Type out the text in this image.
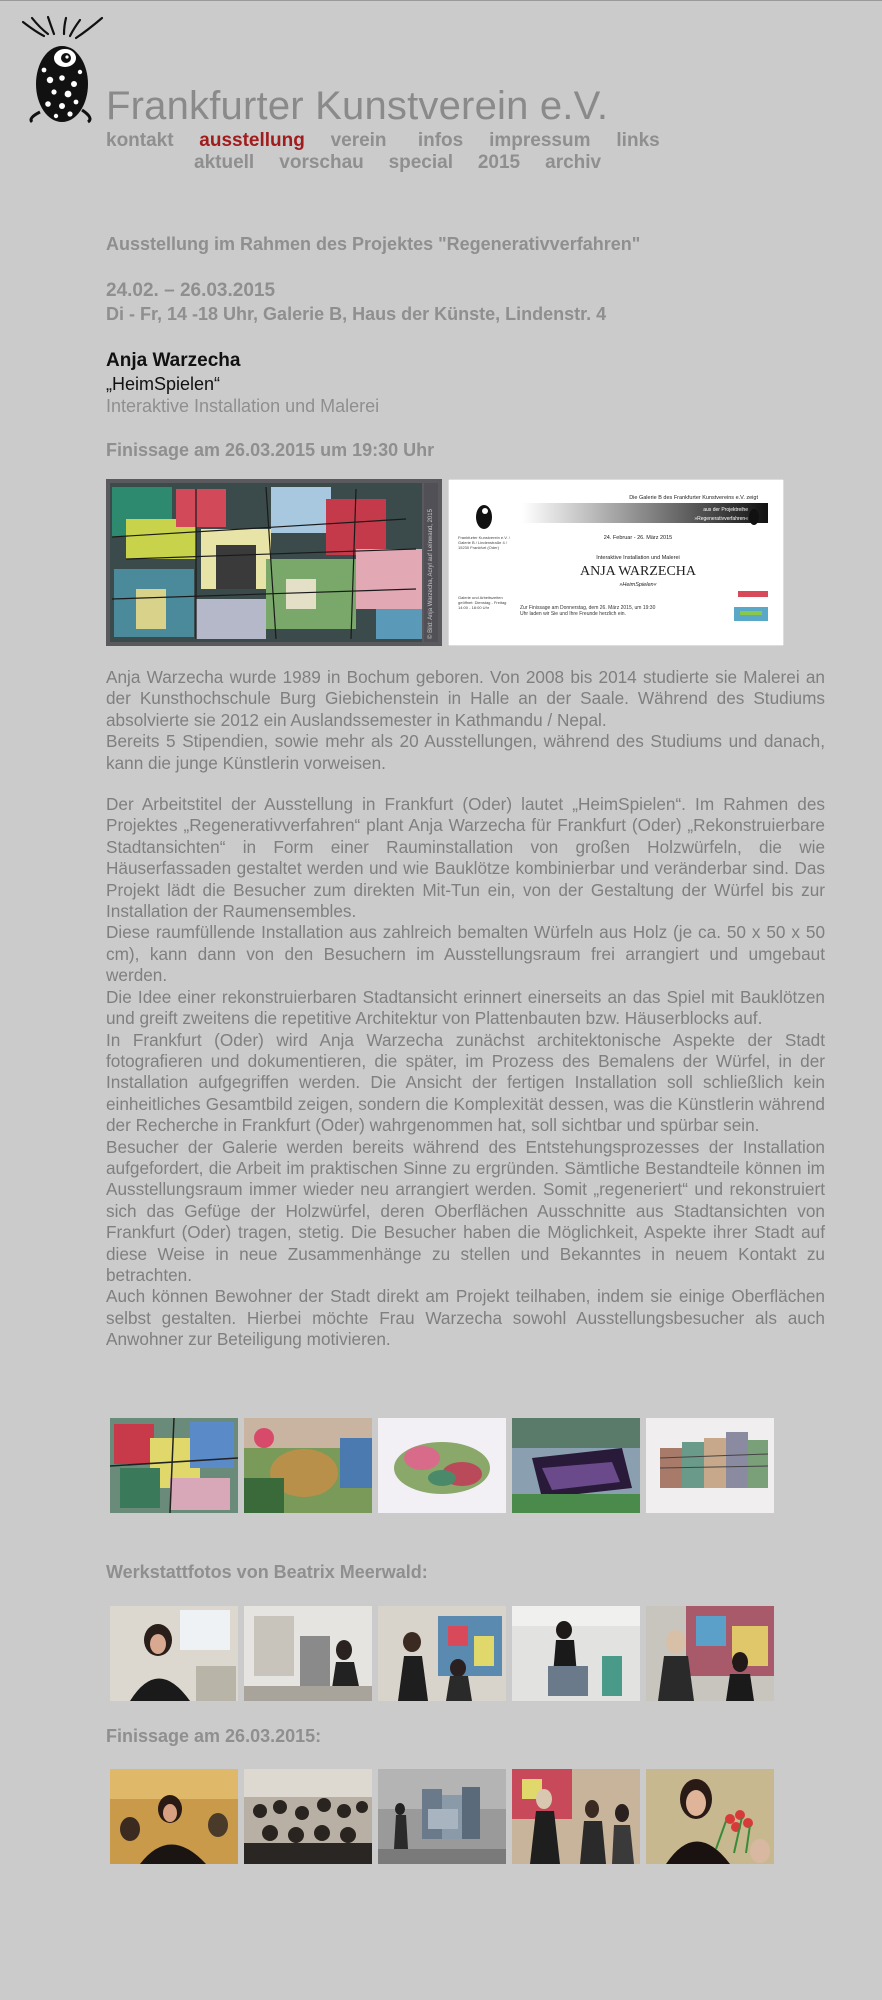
Frankfurter Kunstverein e.V.
kontakt ausstellung verein infos impressum links
aktuell vorschau special 2015 archiv
Ausstellung im Rahmen des Projektes "Regenerativverfahren"
24.02. – 26.03.2015
Di - Fr, 14 -18 Uhr, Galerie B, Haus der Künste, Lindenstr. 4
Anja Warzecha
„HeimSpielen“
Interaktive Installation und Malerei
Finissage am 26.03.2015 um 19:30 Uhr
© Bild: Anja Warzecha, Acryl auf Leinwand, 2015
Die Galerie B des Frankfurter Kunstvereins e.V. zeigt
aus der Projektreihe
»Regenerativverfahren«
24. Februar - 26. März 2015
Interaktive Installation und Malerei
ANJA WARZECHA
»HeimSpielen«
Frankfurter Kunstverein e.V. / Galerie B / Lindenstraße 4 / 15230 Frankfurt (Oder)
Galerie und Arbeitszeiten geöffnet: Dienstag - Freitag 14:00 - 18:00 Uhr	Zur Finissage am Donnerstag, dem 26. März 2015, um 19:30 Uhr laden wir Sie und Ihre Freunde herzlich ein.

Anja Warzecha wurde 1989 in Bochum geboren. Von 2008 bis 2014 studierte sie Malerei an der Kunsthochschule Burg Giebichenstein in Halle an der Saale. Während des Studiums absolvierte sie 2012 ein Auslandssemester in Kathmandu / Nepal.

Bereits 5 Stipendien, sowie mehr als 20 Ausstellungen, während des Studiums und danach, kann die junge Künstlerin vorweisen.

Der Arbeitstitel der Ausstellung in Frankfurt (Oder) lautet „HeimSpielen“. Im Rahmen des Projektes „Regenerativverfahren“ plant Anja Warzecha für Frankfurt (Oder) „Rekonstruierbare Stadtansichten“ in Form einer Rauminstallation von großen Holzwürfeln, die wie Häuserfassaden gestaltet werden und wie Bauklötze kombinierbar und veränderbar sind. Das Projekt lädt die Besucher zum direkten Mit-Tun ein, von der Gestaltung der Würfel bis zur Installation der Raumensembles.

Diese raumfüllende Installation aus zahlreich bemalten Würfeln aus Holz (je ca. 50 x 50 x 50 cm), kann dann von den Besuchern im Ausstellungsraum frei arrangiert und umgebaut werden.

Die Idee einer rekonstruierbaren Stadtansicht erinnert einerseits an das Spiel mit Bauklötzen und greift zweitens die repetitive Architektur von Plattenbauten bzw. Häuserblocks auf.

In Frankfurt (Oder) wird Anja Warzecha zunächst architektonische Aspekte der Stadt fotografieren und dokumentieren, die später, im Prozess des Bemalens der Würfel, in der Installation aufgegriffen werden. Die Ansicht der fertigen Installation soll schließlich kein einheitliches Gesamtbild zeigen, sondern die Komplexität dessen, was die Künstlerin während der Recherche in Frankfurt (Oder) wahrgenommen hat, soll sichtbar und spürbar sein.

Besucher der Galerie werden bereits während des Entstehungsprozesses der Installation aufgefordert, die Arbeit im praktischen Sinne zu ergründen. Sämtliche Bestandteile können im Ausstellungsraum immer wieder neu arrangiert werden. Somit „regeneriert“ und rekonstruiert sich das Gefüge der Holzwürfel, deren Oberflächen Ausschnitte aus Stadtansichten von Frankfurt (Oder) tragen, stetig. Die Besucher haben die Möglichkeit, Aspekte ihrer Stadt auf diese Weise in neue Zusammenhänge zu stellen und Bekanntes in neuem Kontakt zu betrachten.

Auch können Bewohner der Stadt direkt am Projekt teilhaben, indem sie einige Oberflächen selbst gestalten. Hierbei möchte Frau Warzecha sowohl Ausstellungsbesucher als auch Anwohner zur Beteiligung motivieren.

Werkstattfotos von Beatrix Meerwald:
Finissage am 26.03.2015:
